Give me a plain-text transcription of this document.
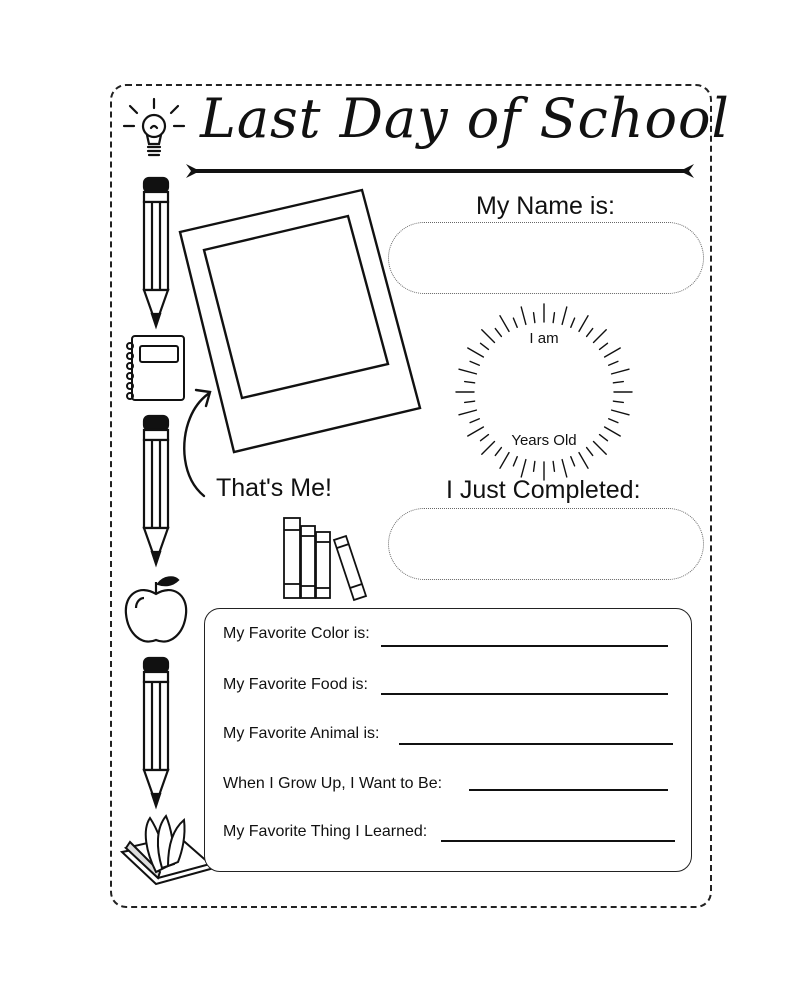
Last Day of School
That's Me!
My Name is:
I am
Years Old
I Just Completed:
My Favorite Color is:
My Favorite Food is:
My Favorite Animal is:
When I Grow Up, I Want to Be:
My Favorite Thing I Learned:
